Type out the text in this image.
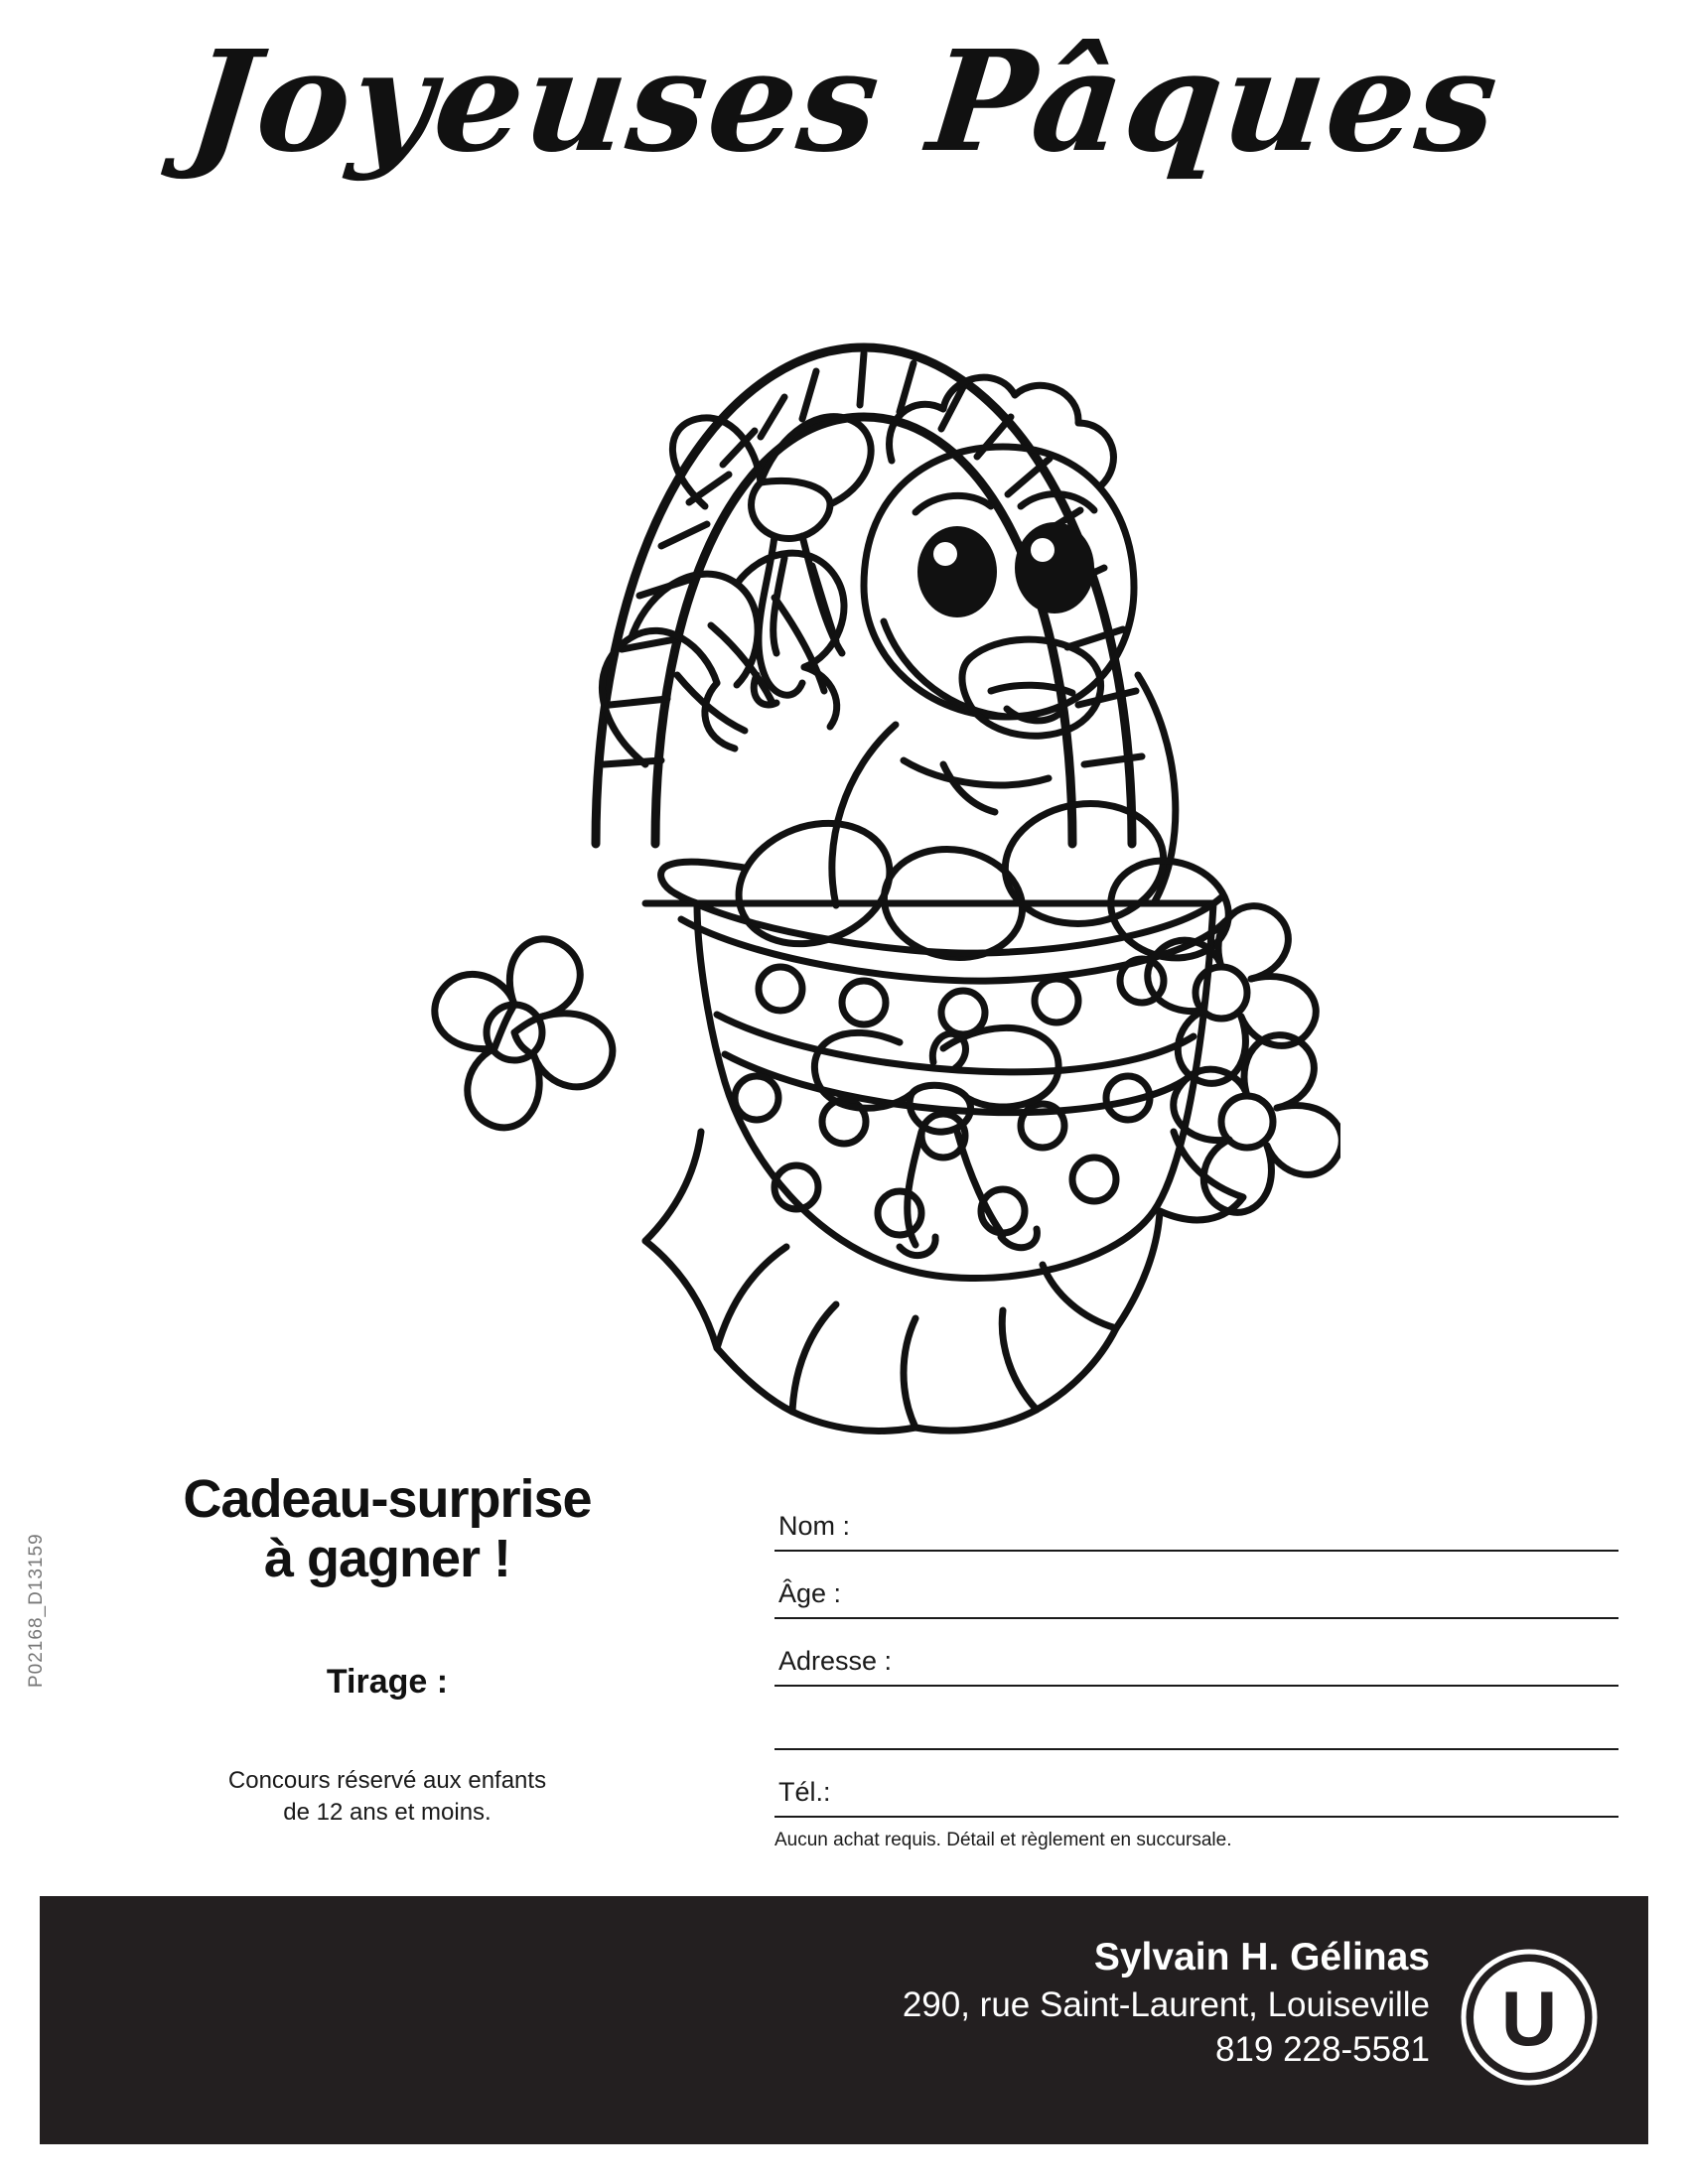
Joyeuses Pâques
Cadeau-surprise
à gagner !
Tirage :
Concours réservé aux enfants
de 12 ans et moins.
P02168_D13159
Nom :
Âge :
Adresse :
Tél.:
Aucun achat requis. Détail et règlement en succursale.
Sylvain H. Gélinas
290, rue Saint-Laurent, Louiseville
819 228-5581 U
